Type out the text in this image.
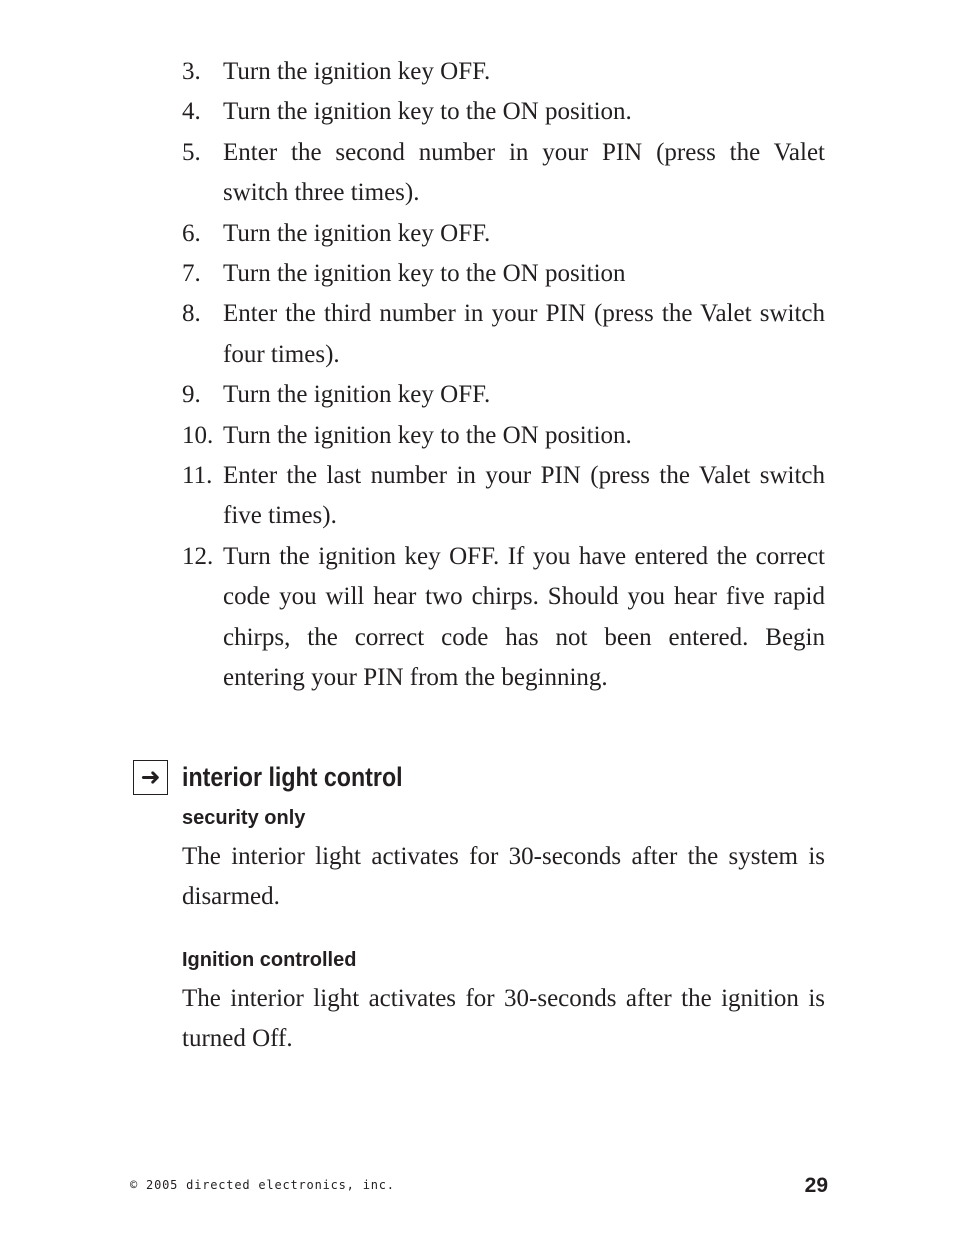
3. Turn the ignition key OFF.
4. Turn the ignition key to the ON position.
5. Enter the second number in your PIN (press the Valet switch three times).
6. Turn the ignition key OFF.
7. Turn the ignition key to the ON position
8. Enter the third number in your PIN (press the Valet switch four times).
9. Turn the ignition key OFF.
10. Turn the ignition key to the ON position.
11. Enter the last number in your PIN (press the Valet switch five times).
12. Turn the ignition key OFF. If you have entered the correct code you will hear two chirps. Should you hear five rapid chirps, the correct code has not been entered. Begin entering your PIN from the beginning.
➜ interior light control
security only

The interior light activates for 30-seconds after the system is disarmed.

Ignition controlled

The interior light activates for 30-seconds after the ignition is turned Off.

© 2005 directed electronics, inc.	29
